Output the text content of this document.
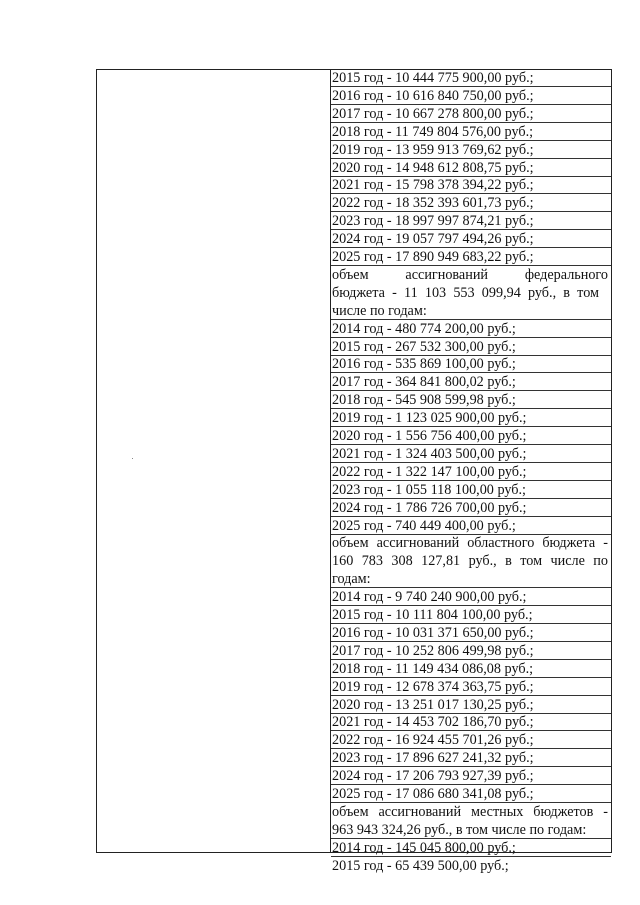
2015 год - 10 444 775 900,00 руб.;
2016 год - 10 616 840 750,00 руб.;
2017 год - 10 667 278 800,00 руб.;
2018 год - 11 749 804 576,00 руб.;
2019 год - 13 959 913 769,62 руб.;
2020 год - 14 948 612 808,75 руб.;
2021 год - 15 798 378 394,22 руб.;
2022 год - 18 352 393 601,73 руб.;
2023 год - 18 997 997 874,21 руб.;
2024 год - 19 057 797 494,26 руб.;
2025 год - 17 890 949 683,22 руб.;
объем ассигнований федерального
бюджета - 11 103 553 099,94 руб., в том
числе по годам:
2014 год - 480 774 200,00 руб.;
2015 год - 267 532 300,00 руб.;
2016 год - 535 869 100,00 руб.;
2017 год - 364 841 800,02 руб.;
2018 год - 545 908 599,98 руб.;
2019 год - 1 123 025 900,00 руб.;
2020 год - 1 556 756 400,00 руб.;
2021 год - 1 324 403 500,00 руб.;
2022 год - 1 322 147 100,00 руб.;
2023 год - 1 055 118 100,00 руб.;
2024 год - 1 786 726 700,00 руб.;
2025 год - 740 449 400,00 руб.;
объем ассигнований областного бюджета -
160 783 308 127,81 руб., в том числе по
годам:
2014 год - 9 740 240 900,00 руб.;
2015 год - 10 111 804 100,00 руб.;
2016 год - 10 031 371 650,00 руб.;
2017 год - 10 252 806 499,98 руб.;
2018 год - 11 149 434 086,08 руб.;
2019 год - 12 678 374 363,75 руб.;
2020 год - 13 251 017 130,25 руб.;
2021 год - 14 453 702 186,70 руб.;
2022 год - 16 924 455 701,26 руб.;
2023 год - 17 896 627 241,32 руб.;
2024 год - 17 206 793 927,39 руб.;
2025 год - 17 086 680 341,08 руб.;
объем ассигнований местных бюджетов -
963 943 324,26 руб., в том числе по годам:
2014 год - 145 045 800,00 руб.;
2015 год - 65 439 500,00 руб.;
